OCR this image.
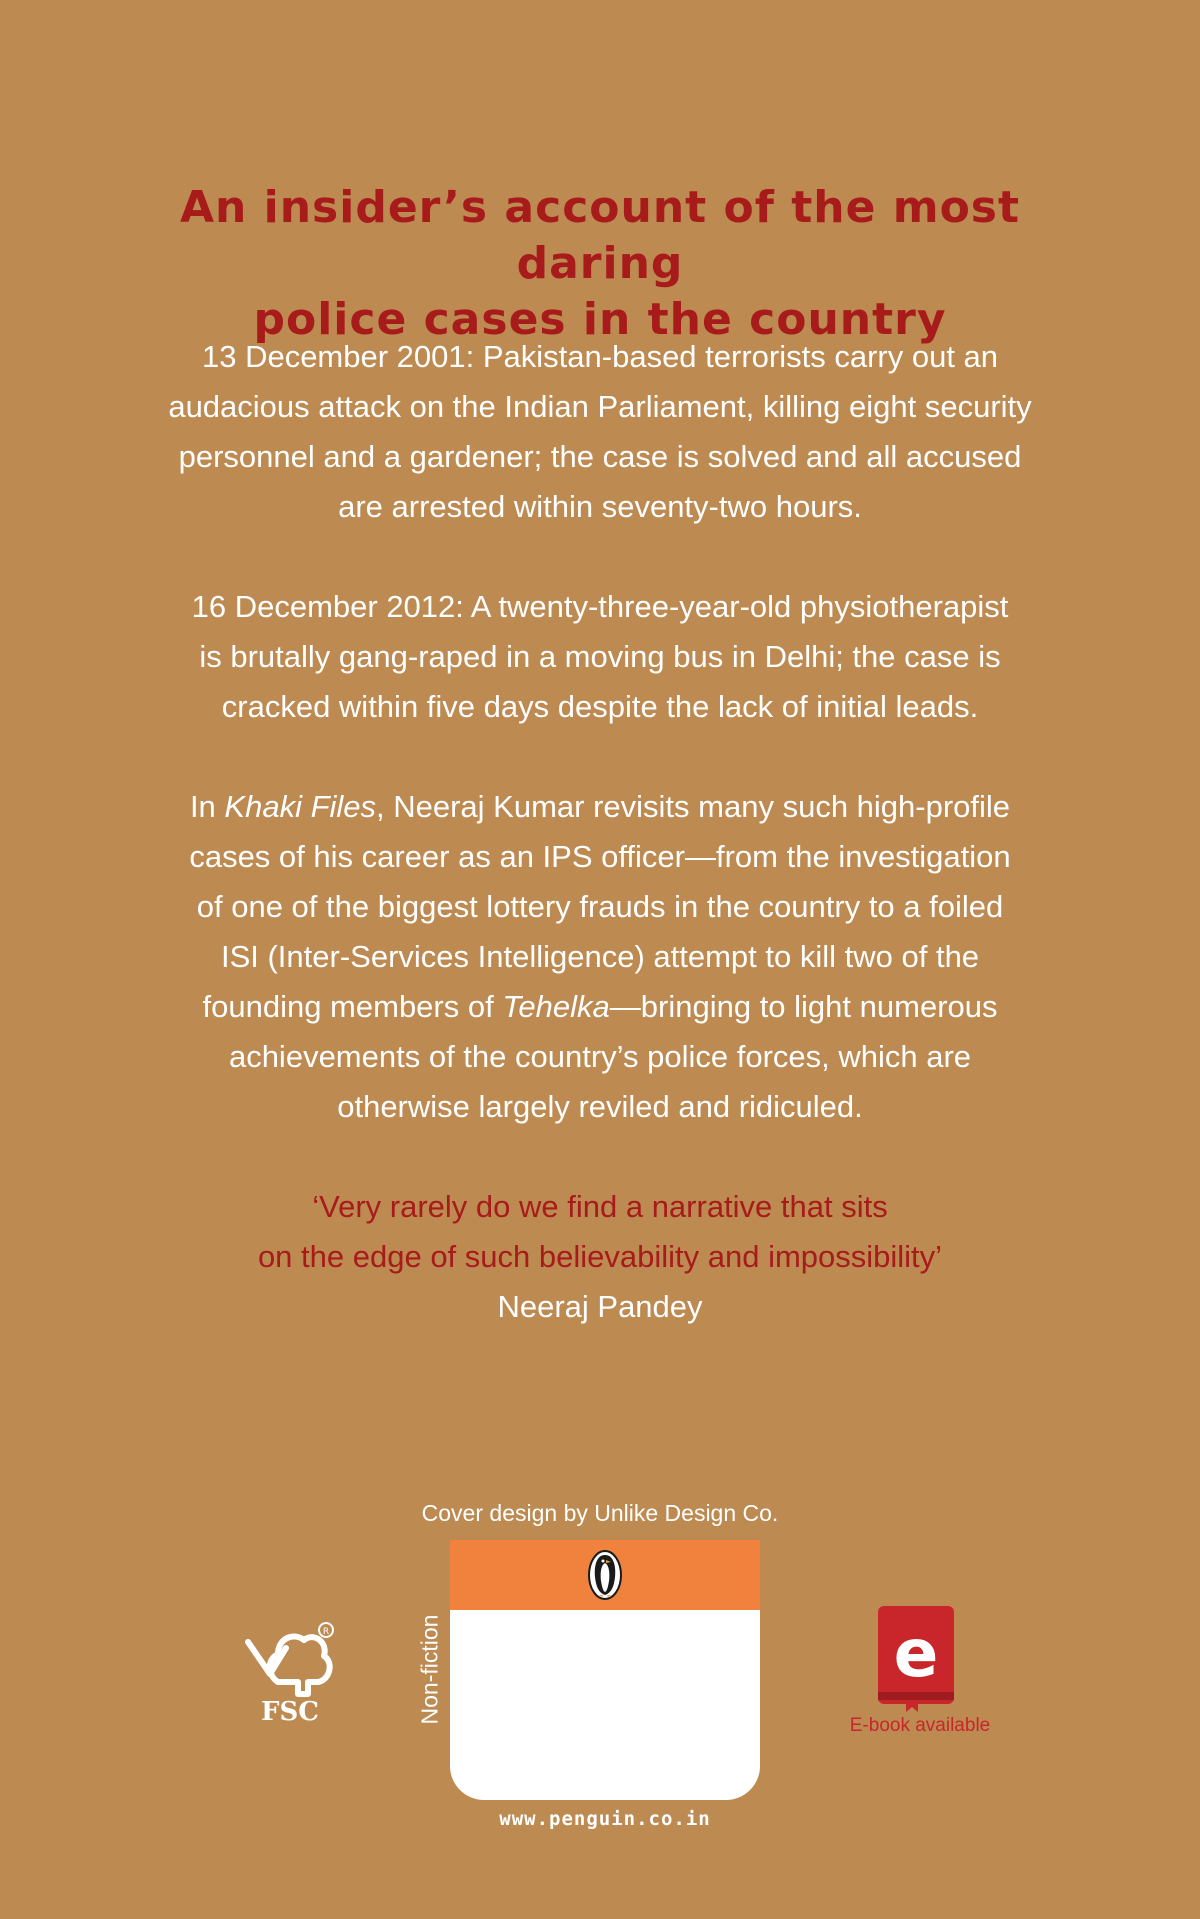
An insider’s account of the most daring
police cases in the country
13 December 2001: Pakistan-based terrorists carry out an
audacious attack on the Indian Parliament, killing eight security
personnel and a gardener; the case is solved and all accused
are arrested within seventy-two hours.
16 December 2012: A twenty-three-year-old physiotherapist
is brutally gang-raped in a moving bus in Delhi; the case is
cracked within five days despite the lack of initial leads.
In Khaki Files, Neeraj Kumar revisits many such high-profile
cases of his career as an IPS officer—from the investigation
of one of the biggest lottery frauds in the country to a foiled
ISI (Inter-Services Intelligence) attempt to kill two of the
founding members of Tehelka—bringing to light numerous
achievements of the country’s police forces, which are
otherwise largely reviled and ridiculed.
‘Very rarely do we find a narrative that sits
on the edge of such believability and impossibility’
Neeraj Pandey
Cover design by Unlike Design Co.
R
FSC	Non-fiction
www.penguin.co.in
e
E-book available
